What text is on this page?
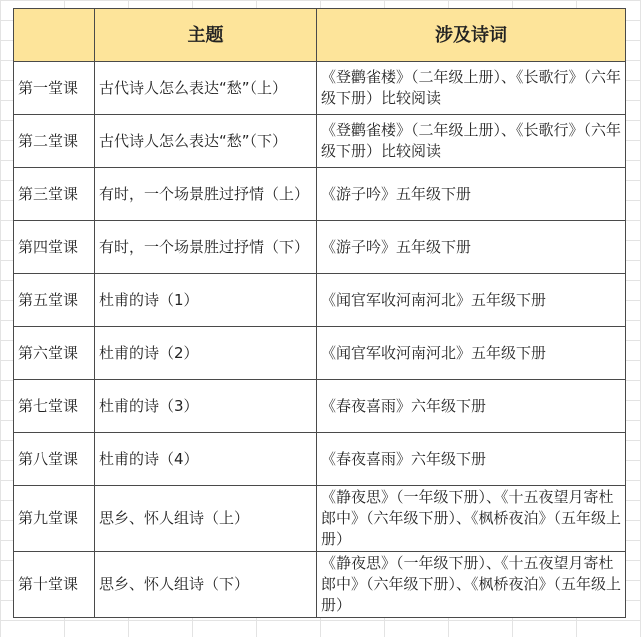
	主题	涉及诗词
第一堂课	古代诗人怎么表达“愁”（上）	《登鹳雀楼》（二年级上册）、《长歌行》（六年级下册）比较阅读
第二堂课	古代诗人怎么表达“愁”（下）	《登鹳雀楼》（二年级上册）、《长歌行》（六年级下册）比较阅读
第三堂课	有时，一个场景胜过抒情（上）	《游子吟》五年级下册
第四堂课	有时，一个场景胜过抒情（下）	《游子吟》五年级下册
第五堂课	杜甫的诗（1）	《闻官军收河南河北》五年级下册
第六堂课	杜甫的诗（2）	《闻官军收河南河北》五年级下册
第七堂课	杜甫的诗（3）	《春夜喜雨》六年级下册
第八堂课	杜甫的诗（4）	《春夜喜雨》六年级下册
第九堂课	思乡、怀人组诗（上）	《静夜思》（一年级下册）、《十五夜望月寄杜郎中》（六年级下册）、《枫桥夜泊》（五年级上册）
第十堂课	思乡、怀人组诗（下）	《静夜思》（一年级下册）、《十五夜望月寄杜郎中》（六年级下册）、《枫桥夜泊》（五年级上册）
